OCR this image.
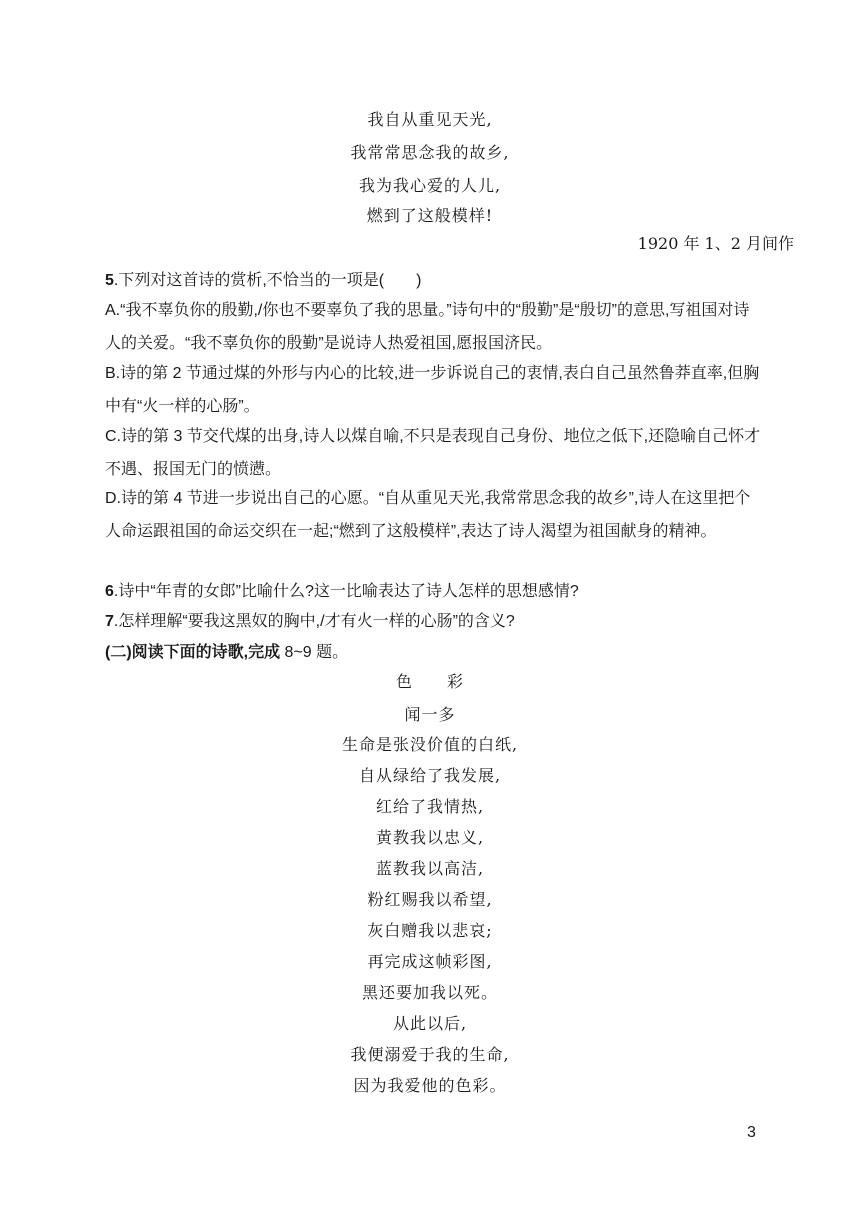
我自从重见天光,
我常常思念我的故乡,
我为我心爱的人儿,
燃到了这般模样!
1920 年 1、2 月间作
5.下列对这首诗的赏析,不恰当的一项是(　　)
A.“我不辜负你的殷勤,/你也不要辜负了我的思量。”诗句中的“殷勤”是“殷切”的意思,写祖国对诗人的关爱。“我不辜负你的殷勤”是说诗人热爱祖国,愿报国济民。
B.诗的第 2 节通过煤的外形与内心的比较,进一步诉说自己的衷情,表白自己虽然鲁莽直率,但胸中有“火一样的心肠”。
C.诗的第 3 节交代煤的出身,诗人以煤自喻,不只是表现自己身份、地位之低下,还隐喻自己怀才不遇、报国无门的愤懑。
D.诗的第 4 节进一步说出自己的心愿。“自从重见天光,我常常思念我的故乡”,诗人在这里把个人命运跟祖国的命运交织在一起;“燃到了这般模样”,表达了诗人渴望为祖国献身的精神。
6.诗中“年青的女郎”比喻什么?这一比喻表达了诗人怎样的思想感情?
7.怎样理解“要我这黑奴的胸中,/才有火一样的心肠”的含义?
(二)阅读下面的诗歌,完成 8~9 题。
色　　彩
闻一多
生命是张没价值的白纸,
自从绿给了我发展,
红给了我情热,
黄教我以忠义,
蓝教我以高洁,
粉红赐我以希望,
灰白赠我以悲哀;
再完成这帧彩图,
黑还要加我以死。
从此以后,
我便溺爱于我的生命,
因为我爱他的色彩。
3
